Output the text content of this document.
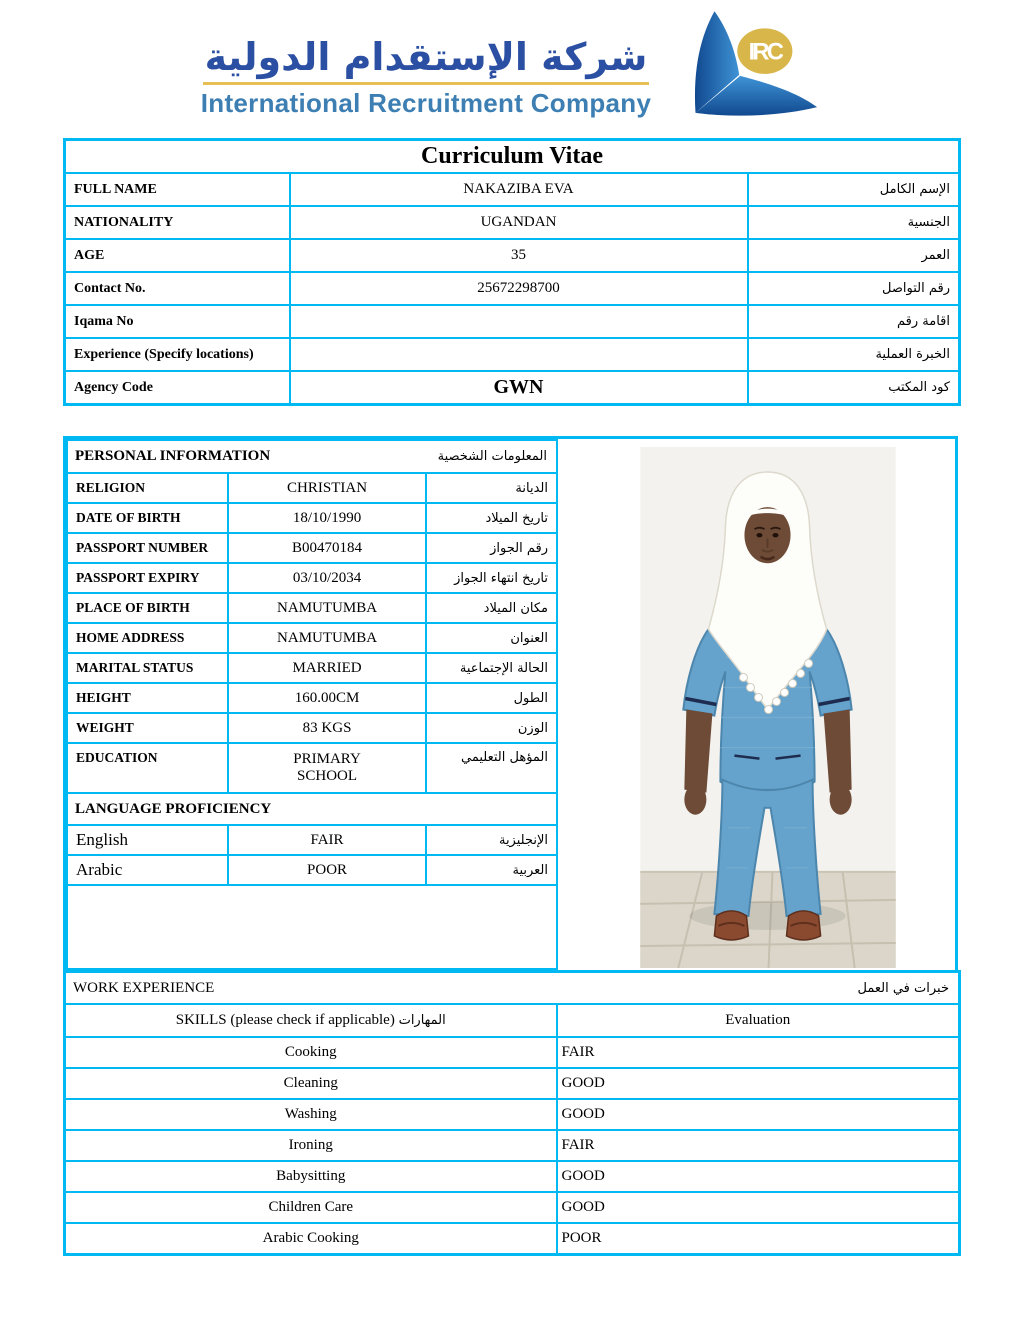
شركة الإستقدام الدولية
International Recruitment Company
IRC
Curriculum Vitae		
FULL NAME	NAKAZIBA EVA	الإسم الكامل
NATIONALITY	UGANDAN	الجنسية
AGE	35	العمر
Contact No.	25672298700	رقم التواصل
Iqama No		اقامة رقم
Experience (Specify locations)		الخبرة العملية
Agency Code	GWN	كود المكتب
PERSONAL INFORMATION المعلومات الشخصية		

RELIGION	CHRISTIAN	الديانة
DATE OF BIRTH	18/10/1990	تاريخ الميلاد
PASSPORT NUMBER	B00470184	رقم الجواز
PASSPORT EXPIRY	03/10/2034	تاريخ انتهاء الجواز
PLACE OF BIRTH	NAMUTUMBA	مكان الميلاد
HOME ADDRESS	NAMUTUMBA	العنوان
MARITAL STATUS	MARRIED	الحالة الإجتماعية
HEIGHT	160.00CM	الطول
WEIGHT	83 KGS	الوزن
EDUCATION	PRIMARY SCHOOL	المؤهل التعليمي
LANGUAGE PROFICIENCY		
English	FAIR	الإنجليزية
Arabic	POOR	العربية

WORK EXPERIENCE خبرات في العمل	

SKILLS (please check if applicable) المهارات	Evaluation
Cooking	FAIR
Cleaning	GOOD
Washing	GOOD
Ironing	FAIR
Babysitting	GOOD
Children Care	GOOD
Arabic Cooking	POOR
